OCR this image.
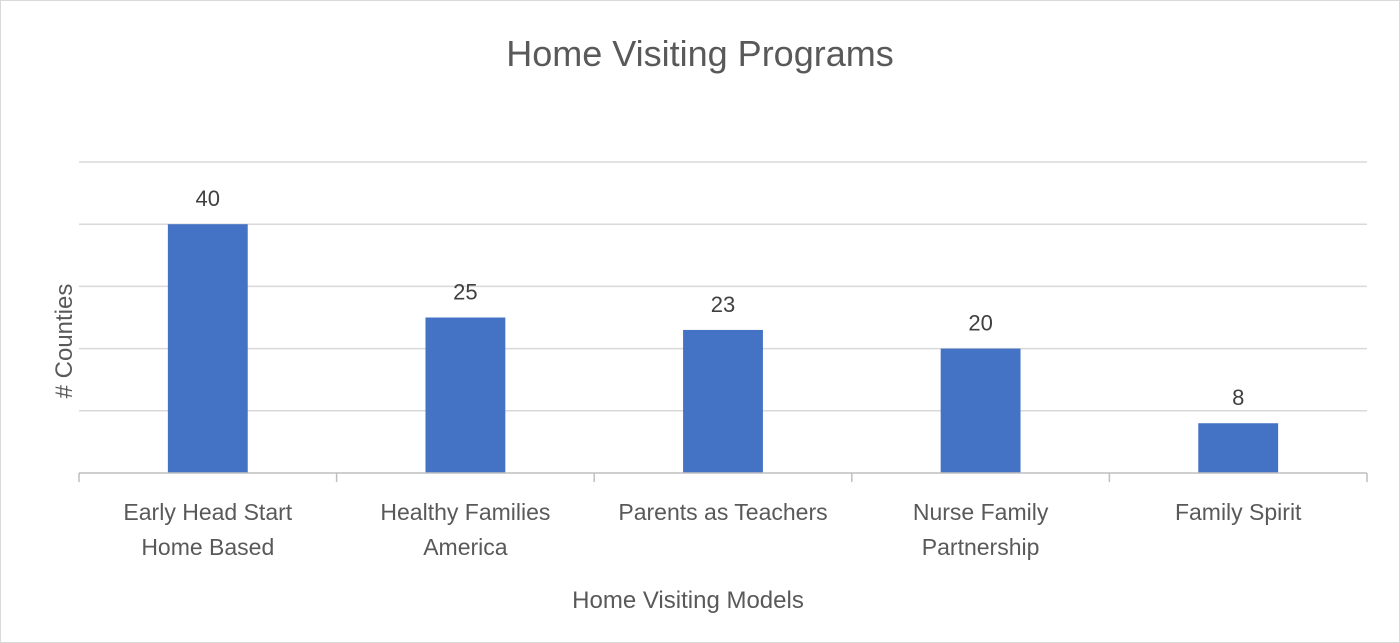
Home Visiting Programs
40
25	23
20
8
Early Head Start Home Based
Healthy Families America
Parents as Teachers	Nurse Family Partnership
Family Spirit
Home Visiting Models
# Counties
